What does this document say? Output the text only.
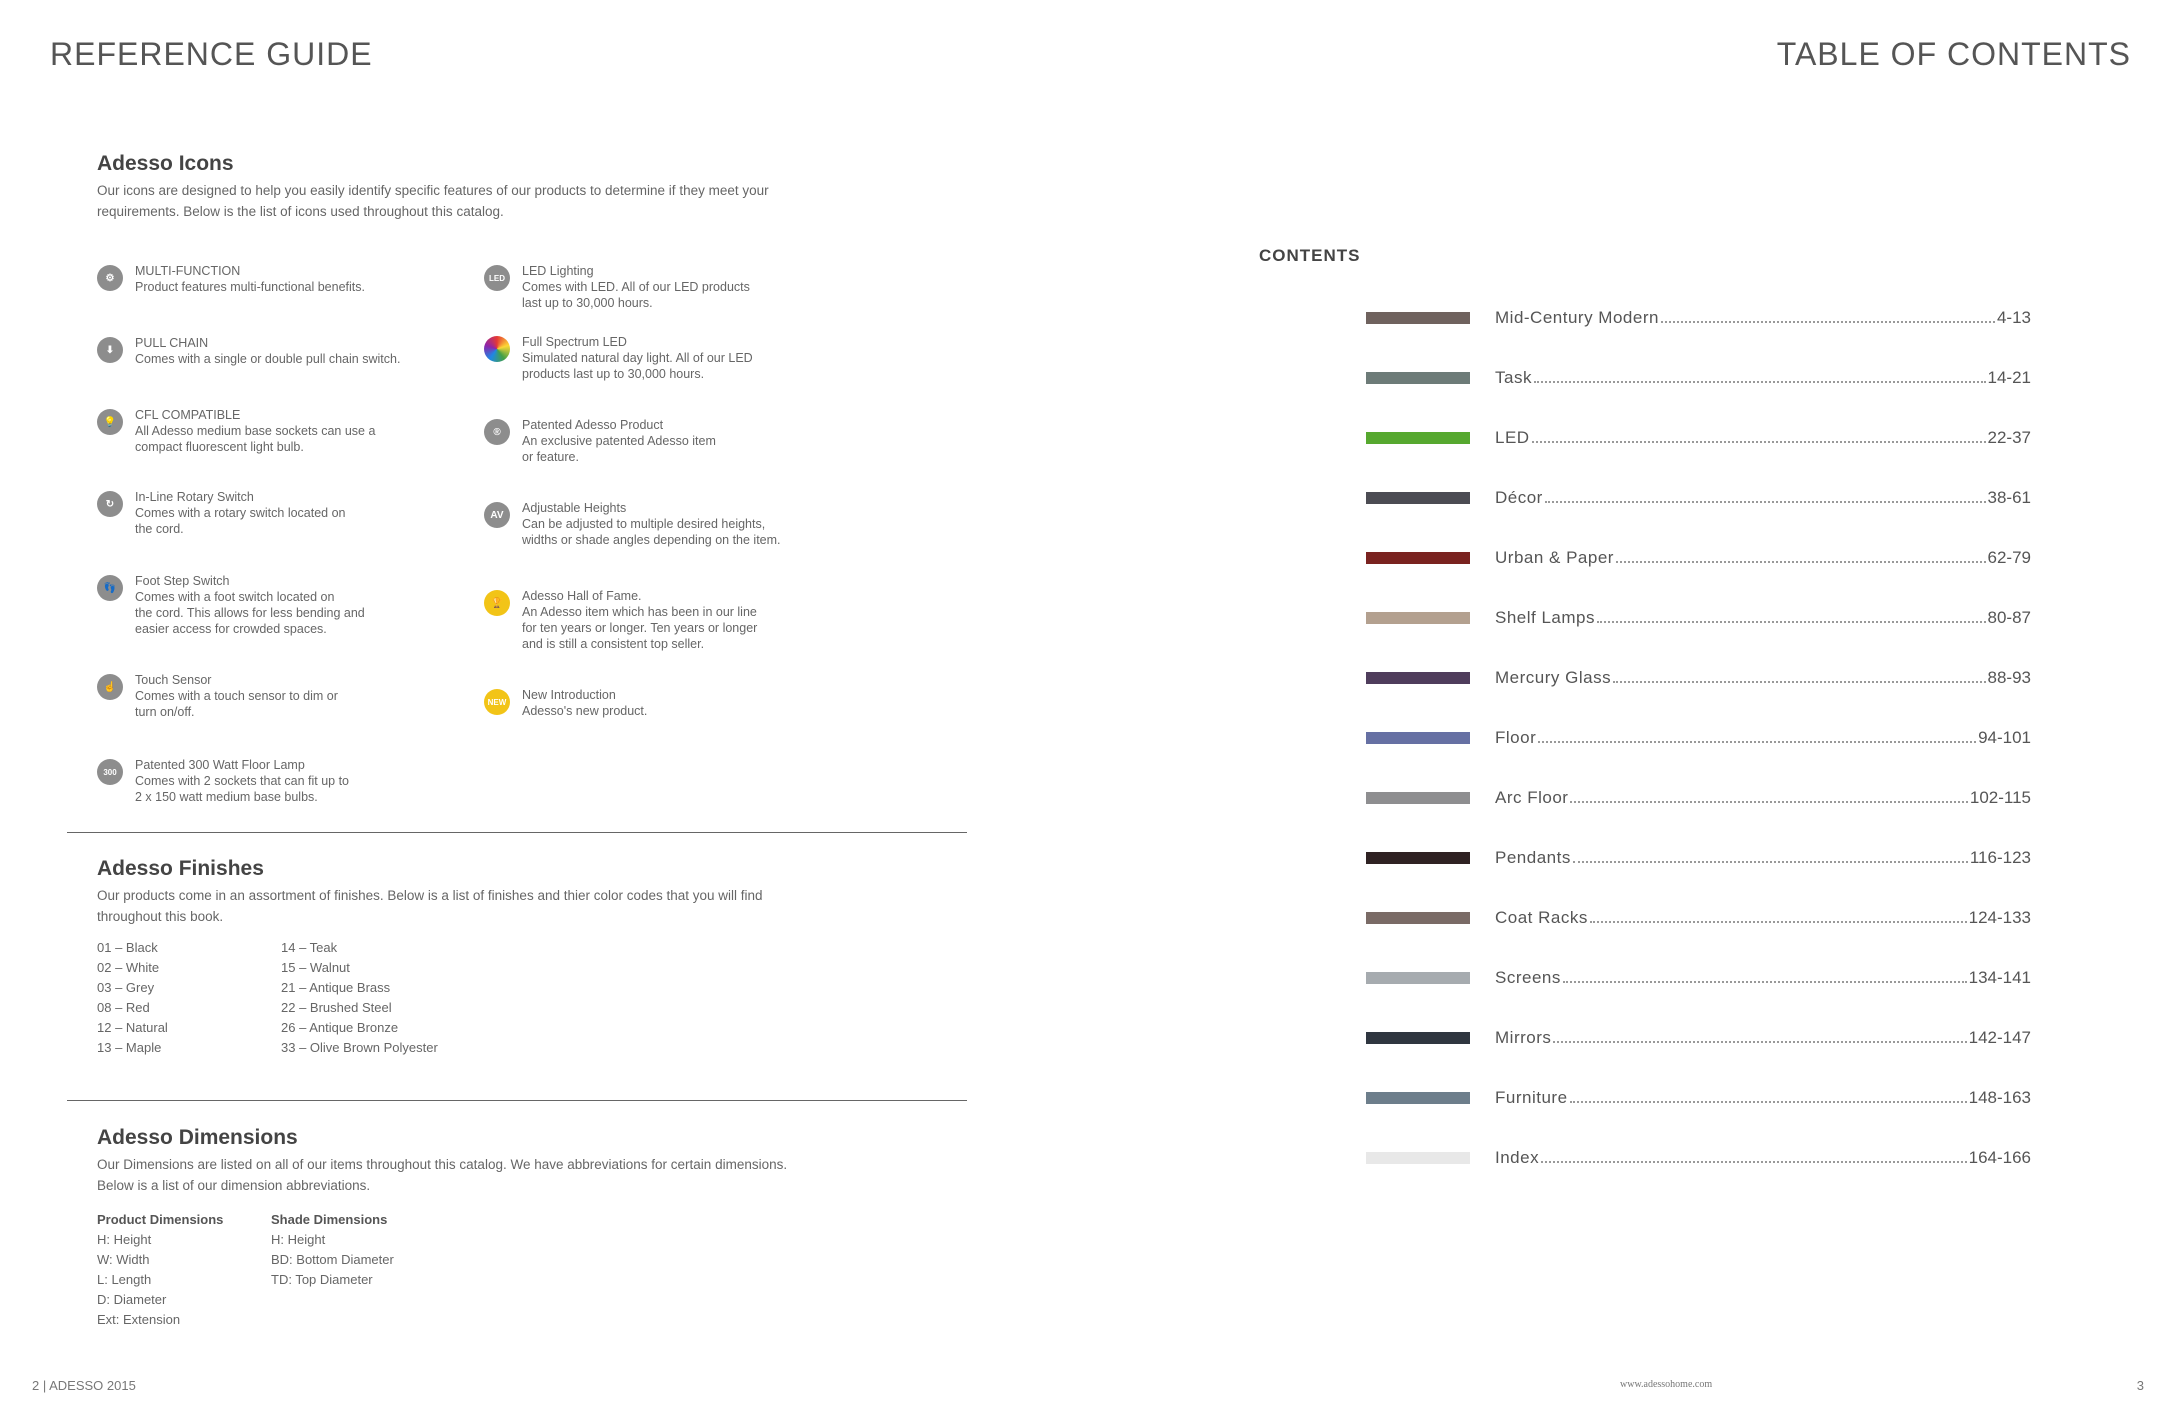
REFERENCE GUIDE	TABLE OF CONTENTS
Adesso Icons
Our icons are designed to help you easily identify specific features of our products to determine if they meet your requirements. Below is the list of icons used throughout this catalog.
⚙	MULTI-FUNCTION
Product features multi-functional benefits.
⬇	PULL CHAIN
Comes with a single or double pull chain switch.
💡	CFL COMPATIBLE
All Adesso medium base sockets can use a
compact fluorescent light bulb.
↻	In-Line Rotary Switch
Comes with a rotary switch located on
the cord.
👣	Foot Step Switch
Comes with a foot switch located on
the cord. This allows for less bending and
easier access for crowded spaces.
☝	Touch Sensor
Comes with a touch sensor to dim or
turn on/off.
300	Patented 300 Watt Floor Lamp
Comes with 2 sockets that can fit up to
2 x 150 watt medium base bulbs.
LED	LED Lighting
Comes with LED. All of our LED products
last up to 30,000 hours.
Full Spectrum LED
Simulated natural day light. All of our LED
products last up to 30,000 hours.
®	Patented Adesso Product
An exclusive patented Adesso item
or feature.
AV	Adjustable Heights
Can be adjusted to multiple desired heights,
widths or shade angles depending on the item.
🏆	Adesso Hall of Fame.
An Adesso item which has been in our line
for ten years or longer. Ten years or longer
and is still a consistent top seller.
NEW New Introduction
Adesso's new product.
Adesso Finishes
Our products come in an assortment of finishes. Below is a list of finishes and thier color codes that you will find throughout this book.
01 – Black
02 – White
03 – Grey
08 – Red
12 – Natural
13 – Maple
14 – Teak
15 – Walnut
21 – Antique Brass
22 – Brushed Steel
26 – Antique Bronze
33 – Olive Brown Polyester
Adesso Dimensions
Our Dimensions are listed on all of our items throughout this catalog. We have abbreviations for certain dimensions. Below is a list of our dimension abbreviations.
Product Dimensions
H: Height
W: Width
L: Length
D: Diameter
Ext: Extension
Shade Dimensions
H: Height
BD: Bottom Diameter
TD: Top Diameter
CONTENTS
Mid-Century Modern	4-13
Task	14-21
LED	22-37
Décor	38-61
Urban & Paper	62-79
Shelf Lamps	80-87
Mercury Glass	88-93
Floor	94-101
Arc Floor	102-115
Pendants	116-123
Coat Racks	124-133
Screens	134-141
Mirrors	142-147
Furniture	148-163
Index	164-166
2 | ADESSO 2015	www.adessohome.com	3
